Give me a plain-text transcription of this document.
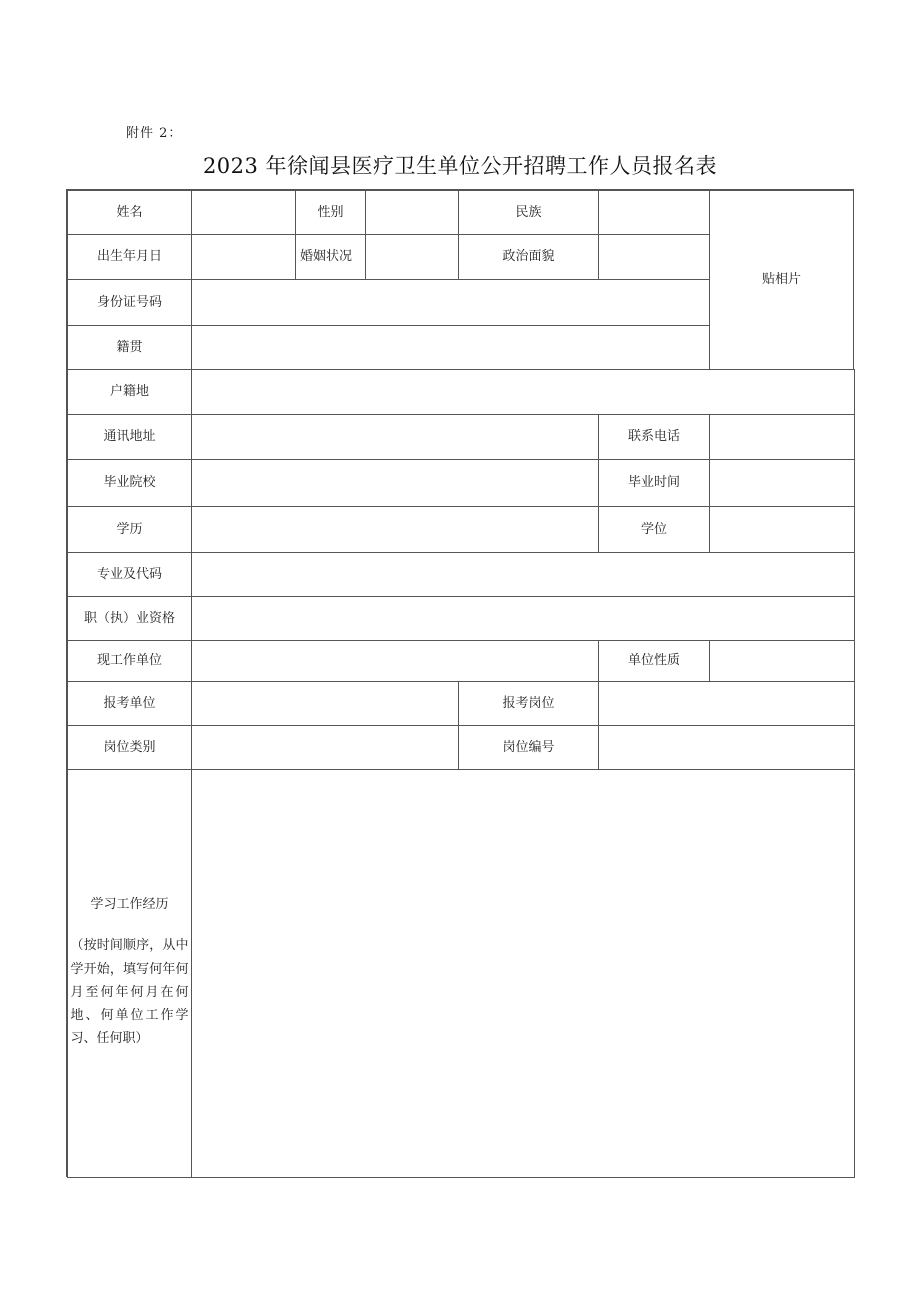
附件 2：
2023 年徐闻县医疗卫生单位公开招聘工作人员报名表
姓名	性别	民族
贴相片
出生年月日	婚姻状况	政治面貌
身份证号码
籍贯
户籍地
通讯地址	联系电话
毕业院校	毕业时间
学历	学位
专业及代码
职（执）业资格
现工作单位	单位性质
报考单位	报考岗位
岗位类别	岗位编号
学习工作经历
（按时间顺序，从中学开始，填写何年何月至何年何月在何地、何单位工作学习、任何职）
